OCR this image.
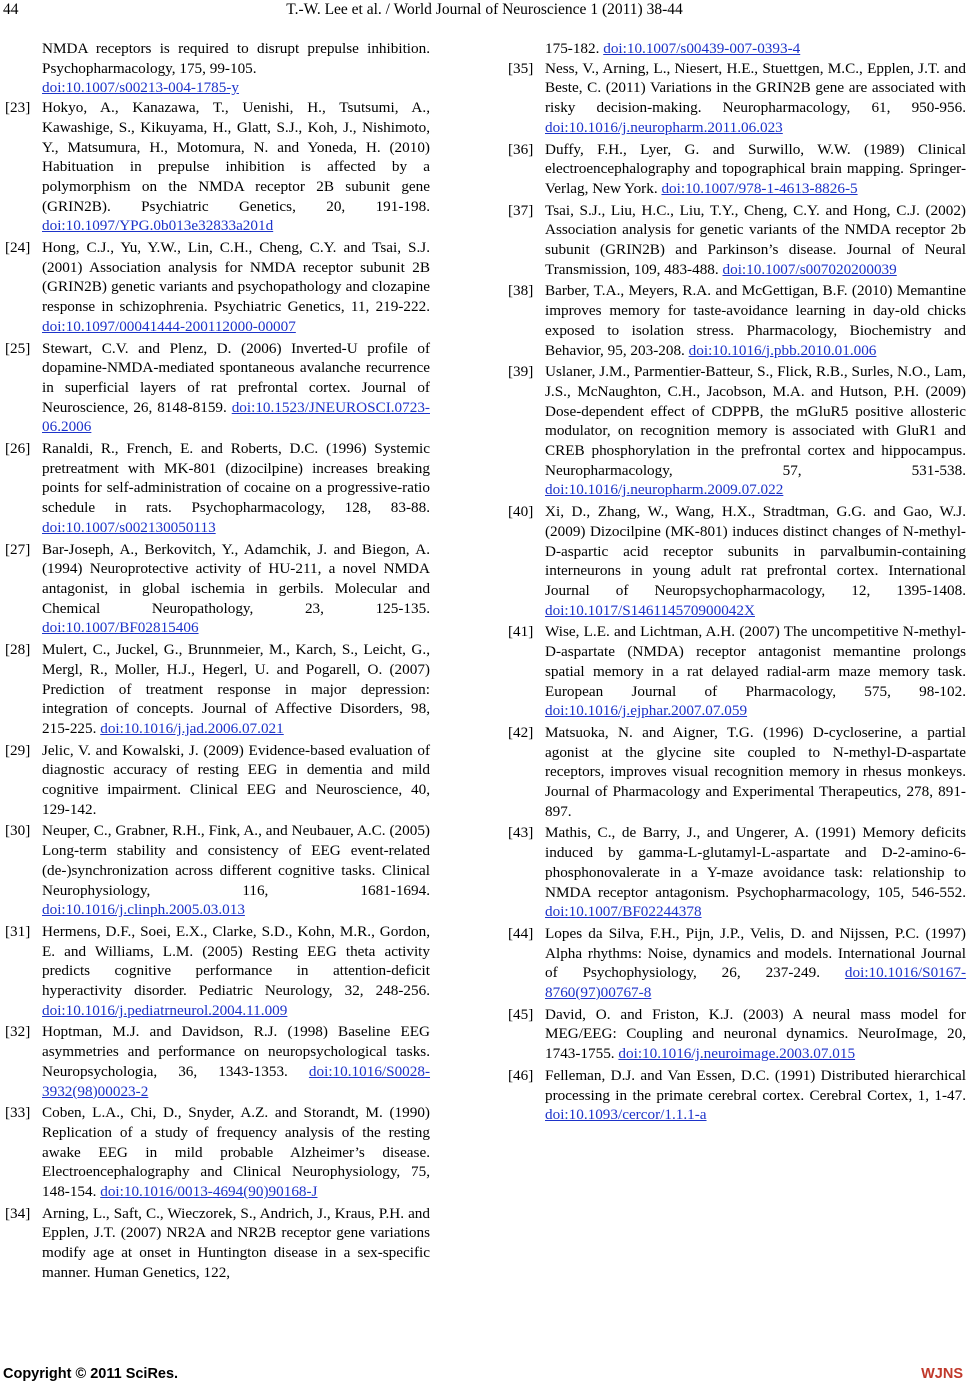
44	T.-W. Lee et al. / World Journal of Neuroscience 1 (2011) 38-44
NMDA receptors is required to disrupt prepulse inhibition. Psychopharmacology, 175, 99-105.
doi:10.1007/s00213-004-1785-y
[23] Hokyo, A., Kanazawa, T., Uenishi, H., Tsutsumi, A., Kawashige, S., Kikuyama, H., Glatt, S.J., Koh, J., Nishimoto, Y., Matsumura, H., Motomura, N. and Yoneda, H. (2010) Habituation in prepulse inhibition is affected by a polymorphism on the NMDA receptor 2B subunit gene (GRIN2B). Psychiatric Genetics, 20, 191-198. doi:10.1097/YPG.0b013e32833a201d
[24] Hong, C.J., Yu, Y.W., Lin, C.H., Cheng, C.Y. and Tsai, S.J. (2001) Association analysis for NMDA receptor subunit 2B (GRIN2B) genetic variants and psychopathology and clozapine response in schizophrenia. Psychiatric Genetics, 11, 219-222. doi:10.1097/00041444-200112000-00007
[25] Stewart, C.V. and Plenz, D. (2006) Inverted-U profile of dopamine-NMDA-mediated spontaneous avalanche recurrence in superficial layers of rat prefrontal cortex. Journal of Neuroscience, 26, 8148-8159. doi:10.1523/JNEUROSCI.0723-06.2006
[26] Ranaldi, R., French, E. and Roberts, D.C. (1996) Systemic pretreatment with MK-801 (dizocilpine) increases breaking points for self-administration of cocaine on a progressive-ratio schedule in rats. Psychopharmacology, 128, 83-88. doi:10.1007/s002130050113
[27] Bar-Joseph, A., Berkovitch, Y., Adamchik, J. and Biegon, A. (1994) Neuroprotective activity of HU-211, a novel NMDA antagonist, in global ischemia in gerbils. Molecular and Chemical Neuropathology, 23, 125-135. doi:10.1007/BF02815406
[28] Mulert, C., Juckel, G., Brunnmeier, M., Karch, S., Leicht, G., Mergl, R., Moller, H.J., Hegerl, U. and Pogarell, O. (2007) Prediction of treatment response in major depression: integration of concepts. Journal of Affective Disorders, 98, 215-225. doi:10.1016/j.jad.2006.07.021
[29] Jelic, V. and Kowalski, J. (2009) Evidence-based evaluation of diagnostic accuracy of resting EEG in dementia and mild cognitive impairment. Clinical EEG and Neuroscience, 40, 129-142.
[30] Neuper, C., Grabner, R.H., Fink, A., and Neubauer, A.C. (2005) Long-term stability and consistency of EEG event-related (de-)synchronization across different cognitive tasks. Clinical Neurophysiology, 116, 1681-1694. doi:10.1016/j.clinph.2005.03.013
[31] Hermens, D.F., Soei, E.X., Clarke, S.D., Kohn, M.R., Gordon, E. and Williams, L.M. (2005) Resting EEG theta activity predicts cognitive performance in attention-deficit hyperactivity disorder. Pediatric Neurology, 32, 248-256. doi:10.1016/j.pediatrneurol.2004.11.009
[32] Hoptman, M.J. and Davidson, R.J. (1998) Baseline EEG asymmetries and performance on neuropsychological tasks. Neuropsychologia, 36, 1343-1353. doi:10.1016/S0028-3932(98)00023-2
[33] Coben, L.A., Chi, D., Snyder, A.Z. and Storandt, M. (1990) Replication of a study of frequency analysis of the resting awake EEG in mild probable Alzheimer’s disease. Electroencephalography and Clinical Neurophysiology, 75, 148-154. doi:10.1016/0013-4694(90)90168-J
[34] Arning, L., Saft, C., Wieczorek, S., Andrich, J., Kraus, P.H. and Epplen, J.T. (2007) NR2A and NR2B receptor gene variations modify age at onset in Huntington disease in a sex-specific manner. Human Genetics, 122,
175-182. doi:10.1007/s00439-007-0393-4
[35] Ness, V., Arning, L., Niesert, H.E., Stuettgen, M.C., Epplen, J.T. and Beste, C. (2011) Variations in the GRIN2B gene are associated with risky decision-making. Neuropharmacology, 61, 950-956. doi:10.1016/j.neuropharm.2011.06.023
[36] Duffy, F.H., Lyer, G. and Surwillo, W.W. (1989) Clinical electroencephalography and topographical brain mapping. Springer-Verlag, New York. doi:10.1007/978-1-4613-8826-5
[37] Tsai, S.J., Liu, H.C., Liu, T.Y., Cheng, C.Y. and Hong, C.J. (2002) Association analysis for genetic variants of the NMDA receptor 2b subunit (GRIN2B) and Parkinson’s disease. Journal of Neural Transmission, 109, 483-488. doi:10.1007/s007020200039
[38] Barber, T.A., Meyers, R.A. and McGettigan, B.F. (2010) Memantine improves memory for taste-avoidance learning in day-old chicks exposed to isolation stress. Pharmacology, Biochemistry and Behavior, 95, 203-208. doi:10.1016/j.pbb.2010.01.006
[39] Uslaner, J.M., Parmentier-Batteur, S., Flick, R.B., Surles, N.O., Lam, J.S., McNaughton, C.H., Jacobson, M.A. and Hutson, P.H. (2009) Dose-dependent effect of CDPPB, the mGluR5 positive allosteric modulator, on recognition memory is associated with GluR1 and CREB phosphorylation in the prefrontal cortex and hippocampus. Neuropharmacology, 57, 531-538. doi:10.1016/j.neuropharm.2009.07.022
[40] Xi, D., Zhang, W., Wang, H.X., Stradtman, G.G. and Gao, W.J. (2009) Dizocilpine (MK-801) induces distinct changes of N-methyl-D-aspartic acid receptor subunits in parvalbumin-containing interneurons in young adult rat prefrontal cortex. International Journal of Neuropsychopharmacology, 12, 1395-1408. doi:10.1017/S146114570900042X
[41] Wise, L.E. and Lichtman, A.H. (2007) The uncompetitive N-methyl-D-aspartate (NMDA) receptor antagonist memantine prolongs spatial memory in a rat delayed radial-arm maze memory task. European Journal of Pharmacology, 575, 98-102. doi:10.1016/j.ejphar.2007.07.059
[42] Matsuoka, N. and Aigner, T.G. (1996) D-cycloserine, a partial agonist at the glycine site coupled to N-methyl-D-aspartate receptors, improves visual recognition memory in rhesus monkeys. Journal of Pharmacology and Experimental Therapeutics, 278, 891-897.
[43] Mathis, C., de Barry, J., and Ungerer, A. (1991) Memory deficits induced by gamma-L-glutamyl-L-aspartate and D-2-amino-6-phosphonovalerate in a Y-maze avoidance task: relationship to NMDA receptor antagonism. Psychopharmacology, 105, 546-552. doi:10.1007/BF02244378
[44] Lopes da Silva, F.H., Pijn, J.P., Velis, D. and Nijssen, P.C. (1997) Alpha rhythms: Noise, dynamics and models. International Journal of Psychophysiology, 26, 237-249. doi:10.1016/S0167-8760(97)00767-8
[45] David, O. and Friston, K.J. (2003) A neural mass model for MEG/EEG: Coupling and neuronal dynamics. NeuroImage, 20, 1743-1755. doi:10.1016/j.neuroimage.2003.07.015
[46] Felleman, D.J. and Van Essen, D.C. (1991) Distributed hierarchical processing in the primate cerebral cortex. Cerebral Cortex, 1, 1-47. doi:10.1093/cercor/1.1.1-a
Copyright © 2011 SciRes.	WJNS
